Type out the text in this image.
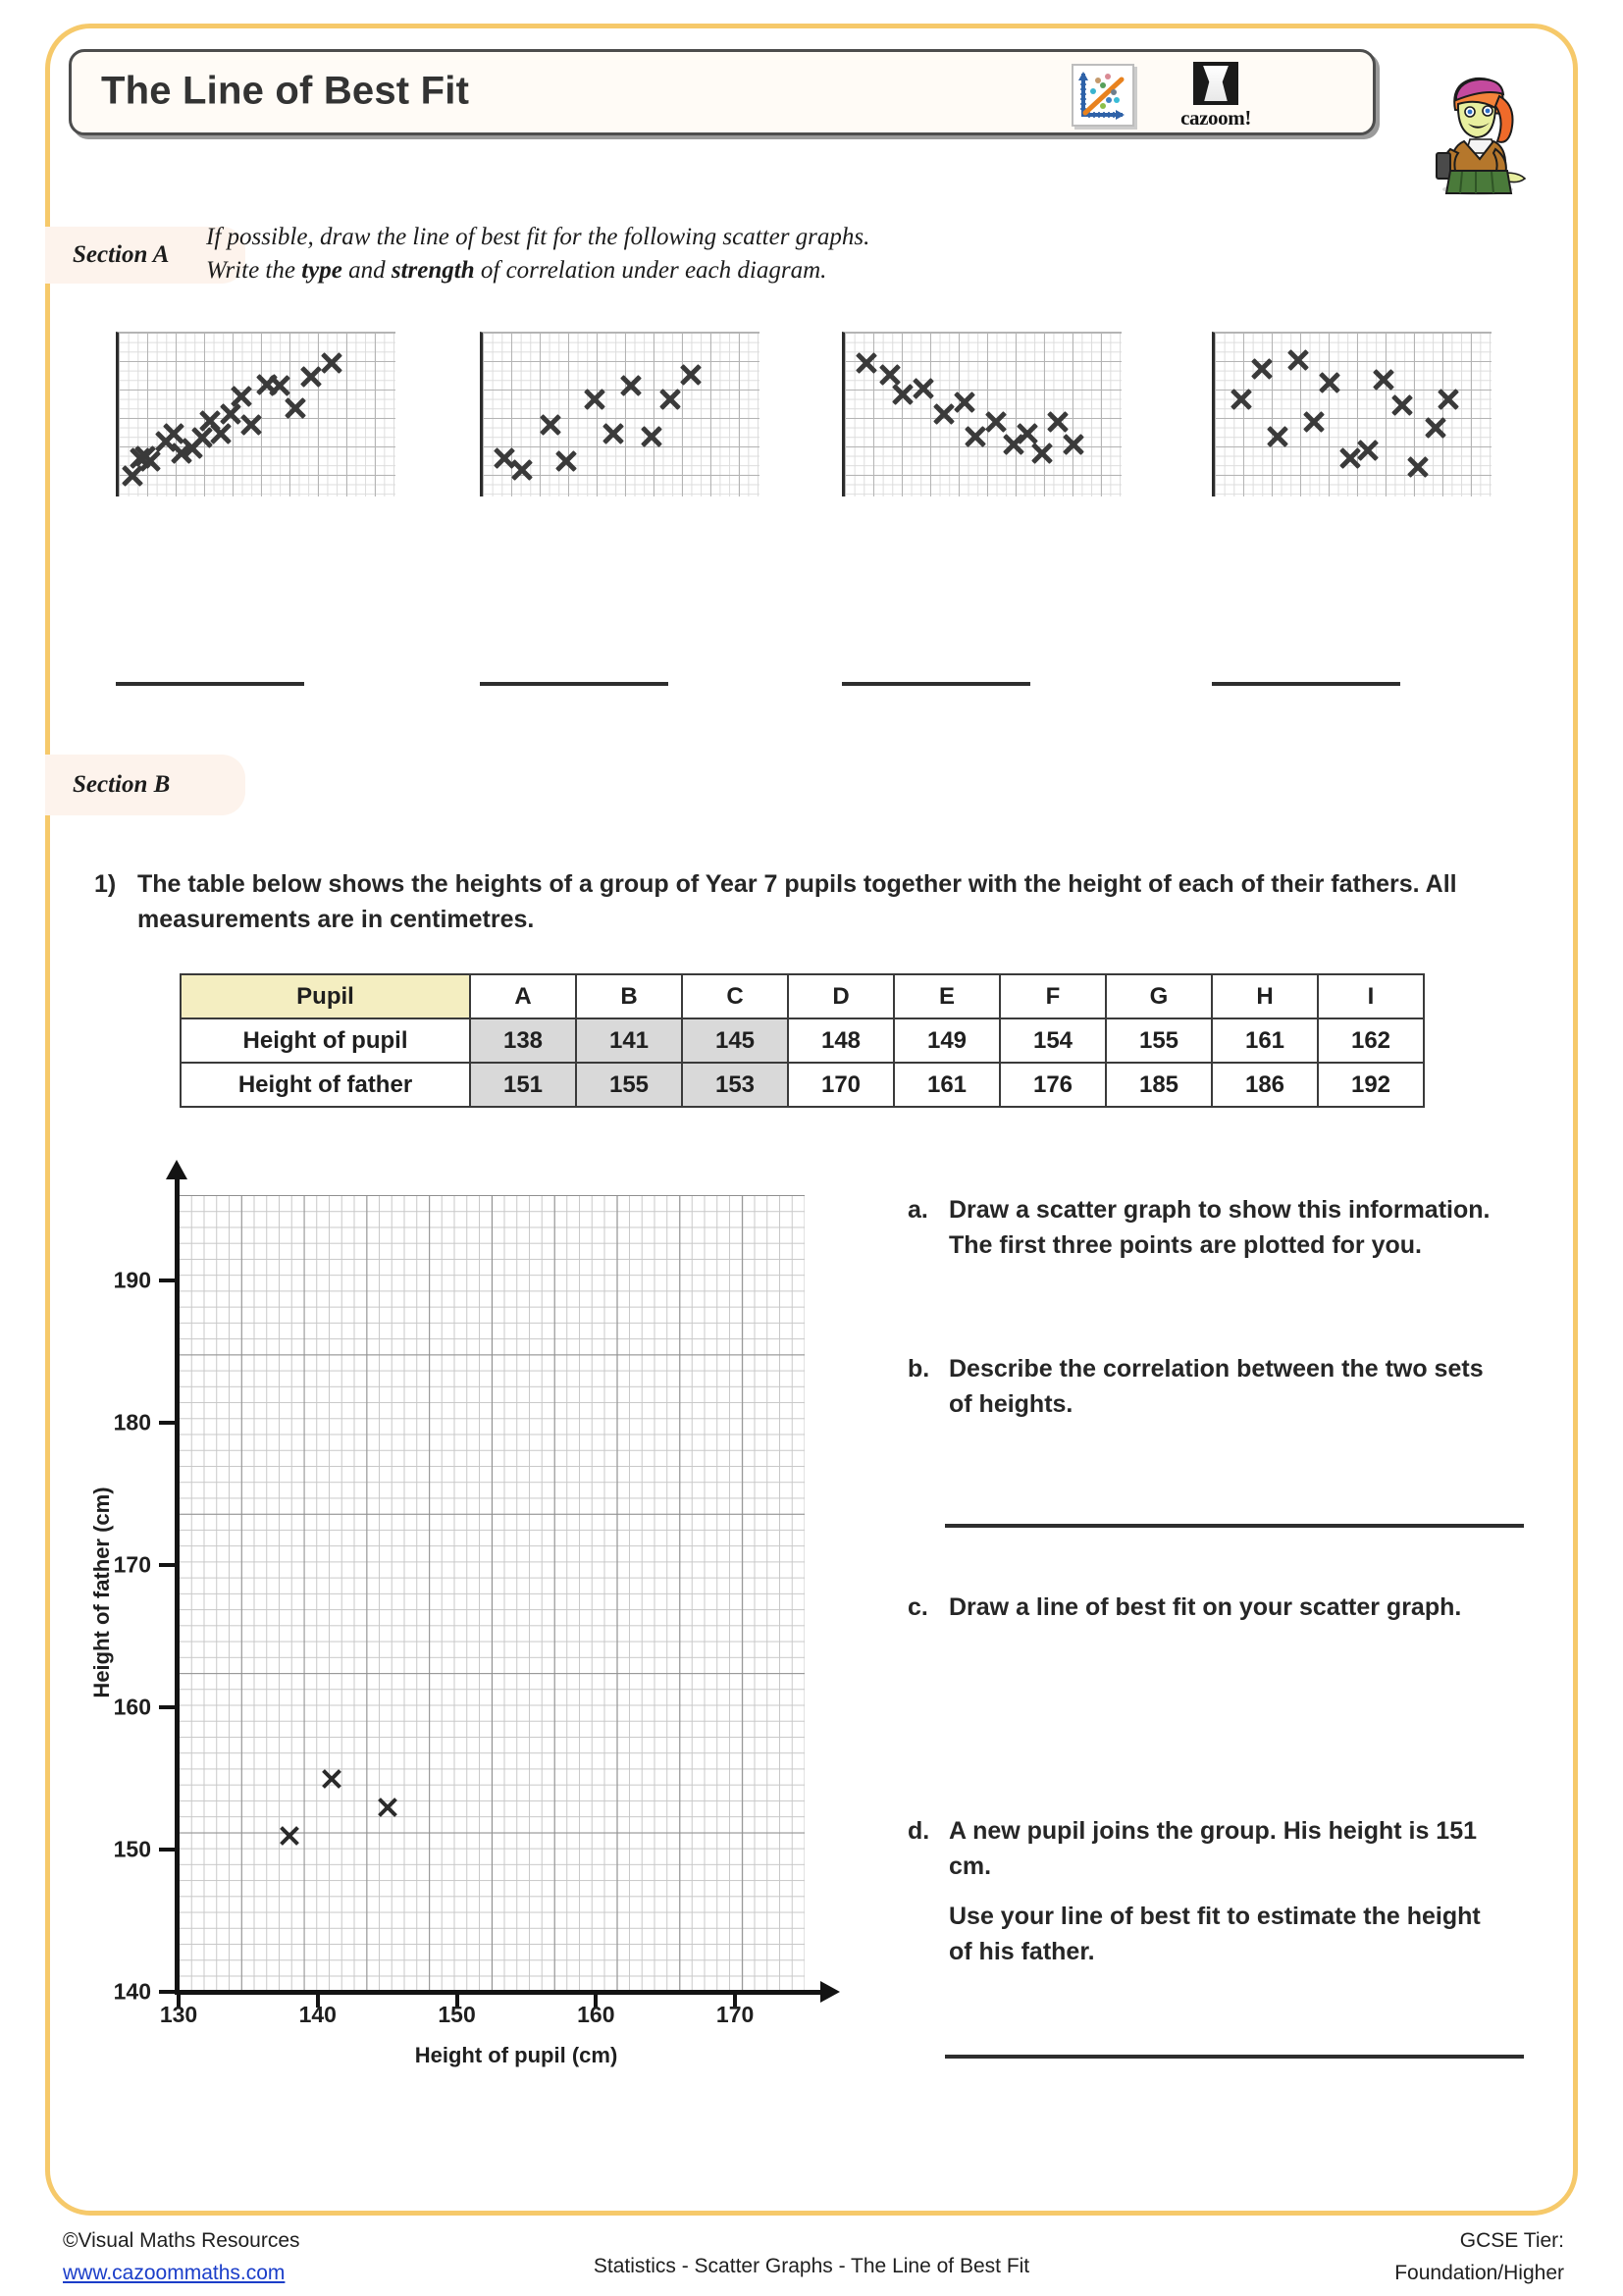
The Line of Best Fit
cazoom!
Section A
If possible, draw the line of best fit for the following scatter graphs.
Write the type and strength of correlation under each diagram.
Section B
1) The table below shows the heights of a group of Year 7 pupils together with the height of each of their fathers. All measurements are in centimetres.
Pupil	A	B	C	D	E	F	G	H	I
Height of pupil	138	141	145	148	149	154	155	161	162
Height of father	151	155	153	170	161	176	185	186	192
Height of father (cm)
Height of pupil (cm)
140
150
160
170
180
190
130	140	150	160	170
a. Draw a scatter graph to show this information. The first three points are plotted for you.
b. Describe the correlation between the two sets of heights.
c. Draw a line of best fit on your scatter graph.
d. A new pupil joins the group. His height is 151 cm.

Use your line of best fit to estimate the height of his father.

©Visual Maths Resources
www.cazoommaths.com	Statistics - Scatter Graphs - The Line of Best Fit
GCSE Tier:
Foundation/Higher
